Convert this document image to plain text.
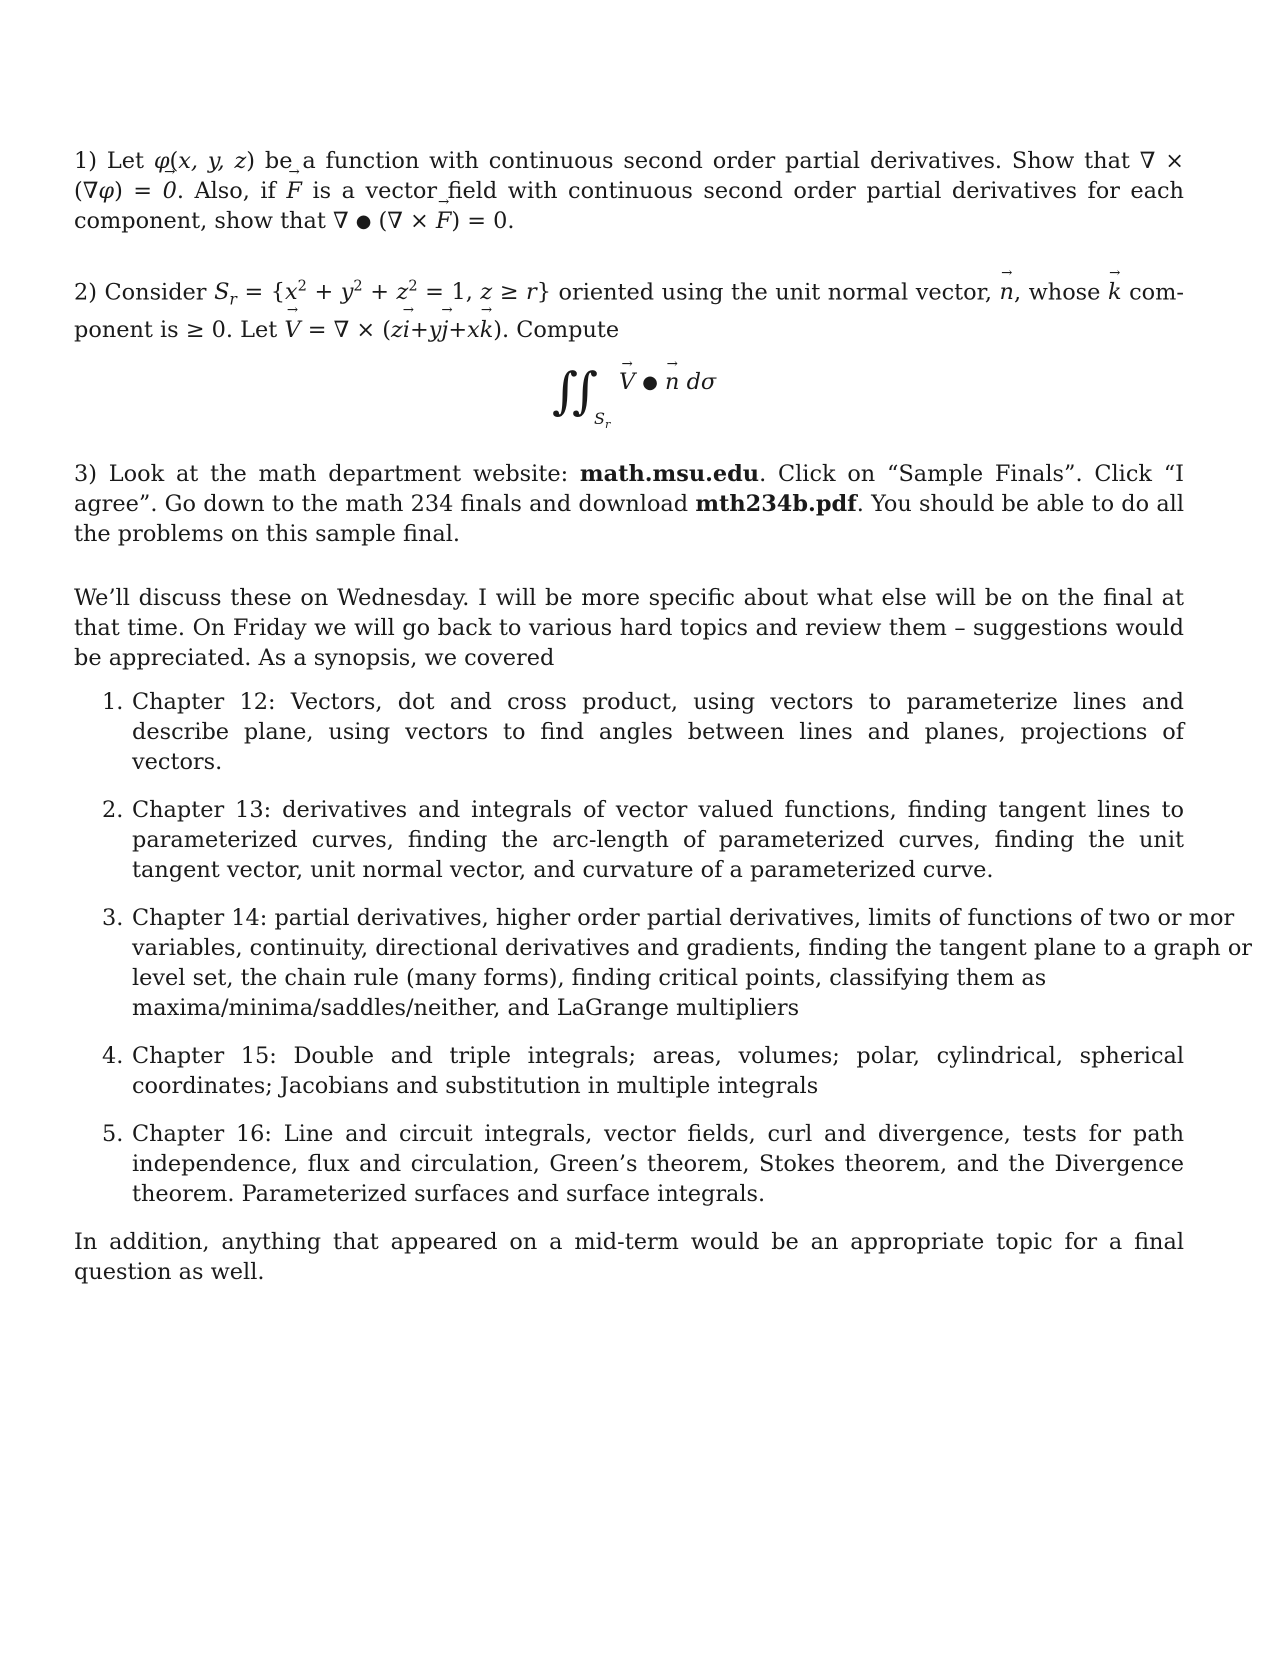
1) Let φ(x, y, z) be a function with continuous second order partial derivatives. Show that ∇ × (∇φ) = → 0. Also, if → F is a vector field with continuous second order partial derivatives for each component, show that ∇ ● (∇ × → F) = 0.

2) Consider $S_r = \{x^2 + y^2 + z^2 = 1$, z ≥ r} oriented using the unit normal vector, → n, whose → k com- ponent is ≥ 0. Let → V = ∇ × (z→ i+y→ j+x→ k). Compute

∫∫ $S_r$
→ V ● → n dσ

3) Look at the math department website: math.msu.edu. Click on “Sample Finals”. Click “I agree”. Go down to the math 234 finals and download mth234b.pdf. You should be able to do all the problems on this sample final.

We’ll discuss these on Wednesday. I will be more specific about what else will be on the final at that time. On Friday we will go back to various hard topics and review them – suggestions would be appreciated. As a synopsis, we covered

1. Chapter 12: Vectors, dot and cross product, using vectors to parameterize lines and describe plane, using vectors to find angles between lines and planes, projections of vectors.
2. Chapter 13: derivatives and integrals of vector valued functions, finding tangent lines to parameterized curves, finding the arc-length of parameterized curves, finding the unit tangent vector, unit normal vector, and curvature of a parameterized curve.
3. Chapter 14: partial derivatives, higher order partial derivatives, limits of functions of two or mor variables, continuity, directional derivatives and gradients, finding the tangent plane to a graph or level set, the chain rule (many forms), finding critical points, classifying them as maxima/minima/saddles/neither, and LaGrange multipliers
4. Chapter 15: Double and triple integrals; areas, volumes; polar, cylindrical, spherical coordinates; Jacobians and substitution in multiple integrals
5. Chapter 16: Line and circuit integrals, vector fields, curl and divergence, tests for path independence, flux and circulation, Green’s theorem, Stokes theorem, and the Divergence theorem. Parameterized surfaces and surface integrals.

In addition, anything that appeared on a mid-term would be an appropriate topic for a final question as well.
